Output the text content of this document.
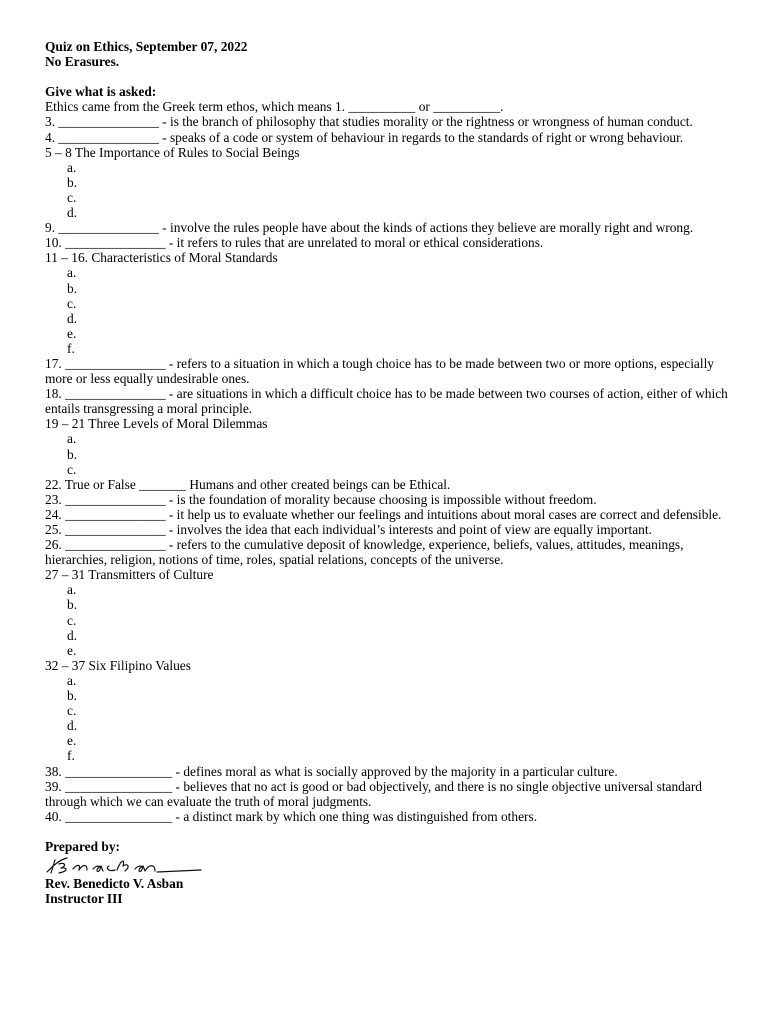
Quiz on Ethics, September 07, 2022
No Erasures.
Give what is asked:
Ethics came from the Greek term ethos, which means 1. __________ or __________.
3. _______________ - is the branch of philosophy that studies morality or the rightness or wrongness of human conduct.
4. _______________ - speaks of a code or system of behaviour in regards to the standards of right or wrong behaviour.
5 – 8 The Importance of Rules to Social Beings
a.
b.
c.
d.
9. _______________ - involve the rules people have about the kinds of actions they believe are morally right and wrong.
10. _______________ - it refers to rules that are unrelated to moral or ethical considerations.
11 – 16. Characteristics of Moral Standards
a.
b.
c.
d.
e.
f.
17. _______________ - refers to a situation in which a tough choice has to be made between two or more options, especially more or less equally undesirable ones.
18. _______________ - are situations in which a difficult choice has to be made between two courses of action, either of which entails transgressing a moral principle.
19 – 21 Three Levels of Moral Dilemmas
a.
b.
c.
22. True or False _______ Humans and other created beings can be Ethical.
23. _______________ - is the foundation of morality because choosing is impossible without freedom.
24. _______________ - it help us to evaluate whether our feelings and intuitions about moral cases are correct and defensible.
25. _______________ - involves the idea that each individual’s interests and point of view are equally important.
26. _______________ - refers to the cumulative deposit of knowledge, experience, beliefs, values, attitudes, meanings, hierarchies, religion, notions of time, roles, spatial relations, concepts of the universe.
27 – 31 Transmitters of Culture
a.
b.
c.
d.
e.
32 – 37 Six Filipino Values
a.
b.
c.
d.
e.
f.
38. ________________ - defines moral as what is socially approved by the majority in a particular culture.
39. ________________ - believes that no act is good or bad objectively, and there is no single objective universal standard through which we can evaluate the truth of moral judgments.
40. ________________ - a distinct mark by which one thing was distinguished from others.
Prepared by:
Rev. Benedicto V. Asban
Instructor III
